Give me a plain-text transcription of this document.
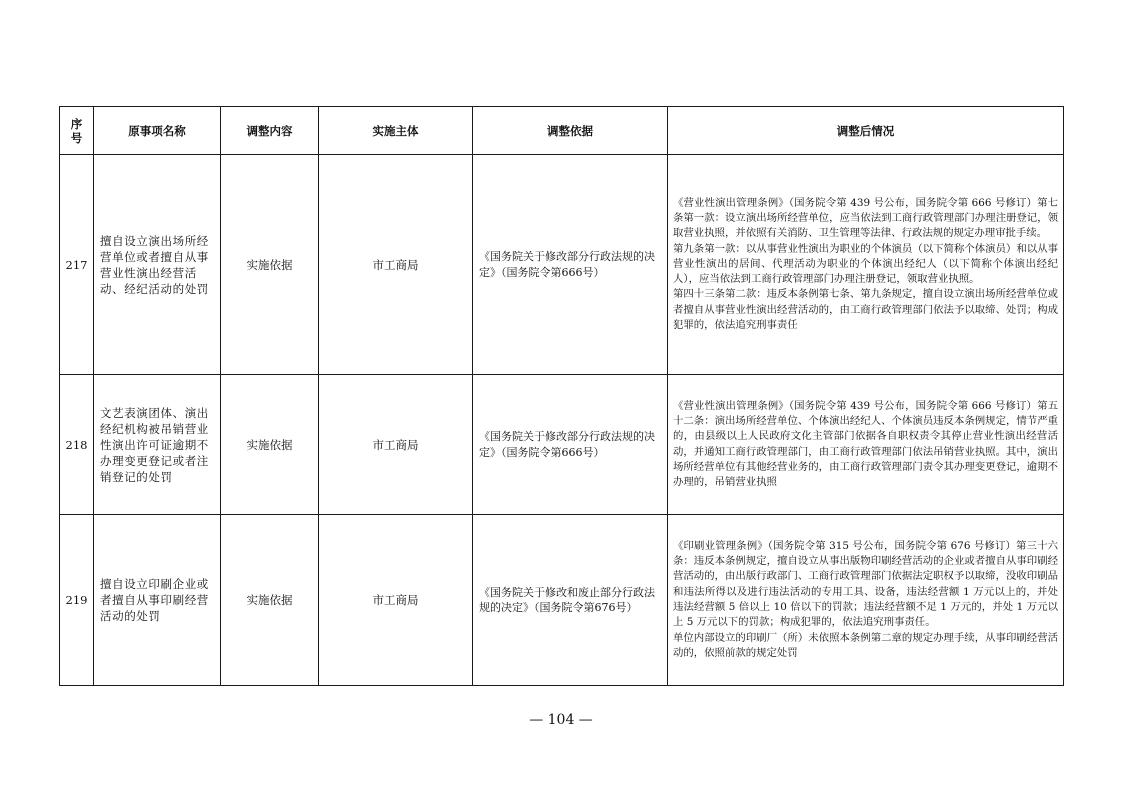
序
号	原事项名称	调整内容	实施主体	调整依据	调整后情况
217	擅自设立演出场所经营单位或者擅自从事营业性演出经营活动、经纪活动的处罚	实施依据	市工商局	《国务院关于修改部分行政法规的决定》（国务院令第666号）	《营业性演出管理条例》（国务院令第 439 号公布，国务院令第 666 号修订）第七条第一款：设立演出场所经营单位，应当依法到工商行政管理部门办理注册登记，领取营业执照，并依照有关消防、卫生管理等法律、行政法规的规定办理审批手续。

第九条第一款：以从事营业性演出为职业的个体演员（以下简称个体演员）和以从事营业性演出的居间、代理活动为职业的个体演出经纪人（以下简称个体演出经纪人），应当依法到工商行政管理部门办理注册登记，领取营业执照。

第四十三条第二款：违反本条例第七条、第九条规定，擅自设立演出场所经营单位或者擅自从事营业性演出经营活动的，由工商行政管理部门依法予以取缔、处罚；构成犯罪的，依法追究刑事责任

218	文艺表演团体、演出经纪机构被吊销营业性演出许可证逾期不办理变更登记或者注销登记的处罚	实施依据	市工商局	《国务院关于修改部分行政法规的决定》（国务院令第666号）	《营业性演出管理条例》（国务院令第 439 号公布，国务院令第 666 号修订）第五十二条：演出场所经营单位、个体演出经纪人、个体演员违反本条例规定，情节严重的，由县级以上人民政府文化主管部门依据各自职权责令其停止营业性演出经营活动，并通知工商行政管理部门，由工商行政管理部门依法吊销营业执照。其中，演出场所经营单位有其他经营业务的，由工商行政管理部门责令其办理变更登记，逾期不办理的，吊销营业执照

219	擅自设立印刷企业或者擅自从事印刷经营活动的处罚	实施依据	市工商局	《国务院关于修改和废止部分行政法规的决定》（国务院令第676号）	《印刷业管理条例》（国务院令第 315 号公布，国务院令第 676 号修订）第三十六条：违反本条例规定，擅自设立从事出版物印刷经营活动的企业或者擅自从事印刷经营活动的，由出版行政部门、工商行政管理部门依据法定职权予以取缔，没收印刷品和违法所得以及进行违法活动的专用工具、设备，违法经营额 1 万元以上的，并处违法经营额 5 倍以上 10 倍以下的罚款；违法经营额不足 1 万元的，并处 1 万元以上 5 万元以下的罚款；构成犯罪的，依法追究刑事责任。

单位内部设立的印刷厂（所）未依照本条例第二章的规定办理手续，从事印刷经营活动的，依照前款的规定处罚

— 104 —
